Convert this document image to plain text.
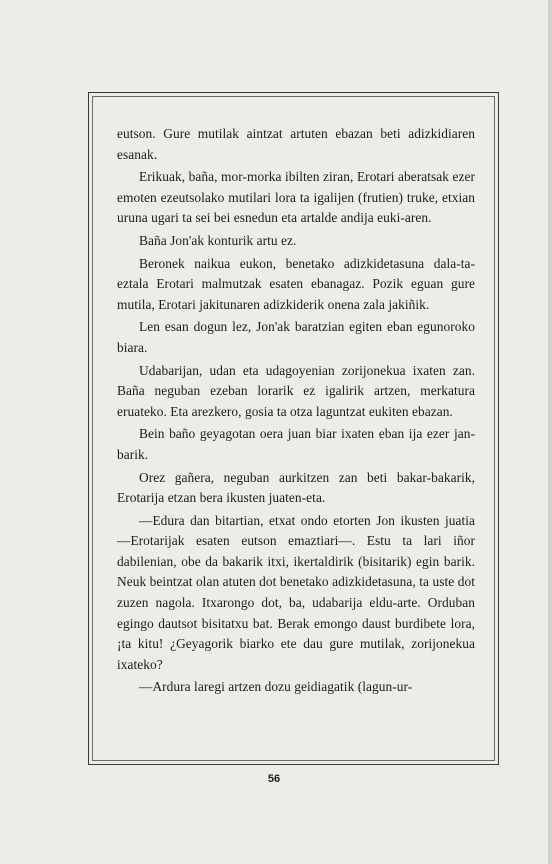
eutson. Gure mutilak aintzat artuten ebazan beti adizkidiaren esanak.

Erikuak, baña, mor-morka ibilten ziran, Erotari aberatsak ezer emoten ezeutsolako mutilari lora ta igalijen (frutien) truke, etxian uruna ugari ta sei bei esnedun eta artalde andija euki-aren.

Baña Jon'ak konturik artu ez.

Beronek naikua eukon, benetako adizkidetasuna dala-ta-eztala Erotari malmutzak esaten ebanagaz. Pozik eguan gure mutila, Erotari jakitunaren adizkiderik onena zala jakiñik.

Len esan dogun lez, Jon'ak baratzian egiten eban egunoroko biara.

Udabarijan, udan eta udagoyenian zorijonekua ixaten zan. Baña neguban ezeban lorarik ez igalirik artzen, merkatura eruateko. Eta arezkero, gosia ta otza laguntzat eukiten ebazan.

Bein baño geyagotan oera juan biar ixaten eban ija ezer jan-barik.

Orez gañera, neguban aurkitzen zan beti bakar-bakarik, Erotarija etzan bera ikusten juaten-eta.

—Edura dan bitartian, etxat ondo etorten Jon ikusten juatia —Erotarijak esaten eutson emaztiari—. Estu ta lari iñor dabilenian, obe da bakarik itxi, ikertaldirik (bisitarik) egin barik. Neuk beintzat olan atuten dot benetako adizkidetasuna, ta uste dot zuzen nagola. Itxarongo dot, ba, udabarija eldu-arte. Orduban egingo dautsot bisitatxu bat. Berak emongo daust burdibete lora, ¡ta kitu! ¿Geyagorik biarko ete dau gure mutilak, zorijonekua ixateko?

—Ardura laregi artzen dozu geidiagatik (lagun-ur-

56
